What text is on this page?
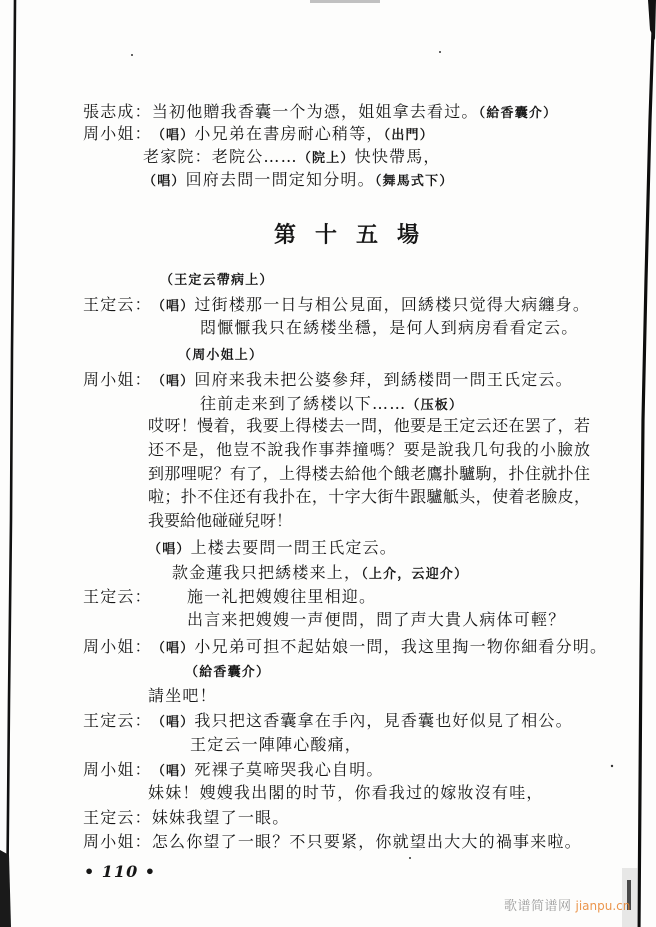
張志成：当初他贈我香囊一个为憑，姐姐拿去看过。（給香囊介）
周小姐：（唱）小兄弟在書房耐心稍等，（出門）
老家院：老院公……（院上）快快帶馬，
（唱）回府去問一問定知分明。（舞馬式下）
第十五場
（王定云帶病上）
王定云：（唱）过街楼那一日与相公見面，回綉楼只觉得大病纏身。
悶懨懨我只在綉楼坐穩，是何人到病房看看定云。
（周小姐上）
周小姐：（唱）回府来我未把公婆參拜，到綉楼問一問王氏定云。
往前走来到了綉楼以下……（压板）
哎呀！慢着，我要上得楼去一問，他要是王定云还在罢了，若
还不是，他豈不說我作事莽撞嗎？要是說我几句我的小臉放
到那哩呢？有了，上得楼去給他个餓老鷹扑驢駒，扑住就扑住
啦；扑不住还有我扑在，十字大街牛跟驢觝头，使着老臉皮，
我要給他碰碰兒呀！
（唱）上楼去要問一問王氏定云。
款金蓮我只把綉楼来上，（上介，云迎介）
王定云： 施一礼把嫂嫂往里相迎。
出言来把嫂嫂一声便問，問了声大貴人病体可輕？
周小姐：（唱）小兄弟可担不起姑娘一問，我这里掏一物你細看分明。
（給香囊介）
請坐吧！
王定云：（唱）我只把这香囊拿在手內，見香囊也好似見了相公。
王定云一陣陣心酸痛，
周小姐：（唱）死裸子莫啼哭我心自明。
妹妹！嫂嫂我出閣的时节，你看我过的嫁妝沒有哇，
王定云：妹妹我望了一眼。
周小姐：怎么你望了一眼？不只要紧，你就望出大大的禍事来啦。
• 110 •
歌谱简谱网 jianpu.cn
